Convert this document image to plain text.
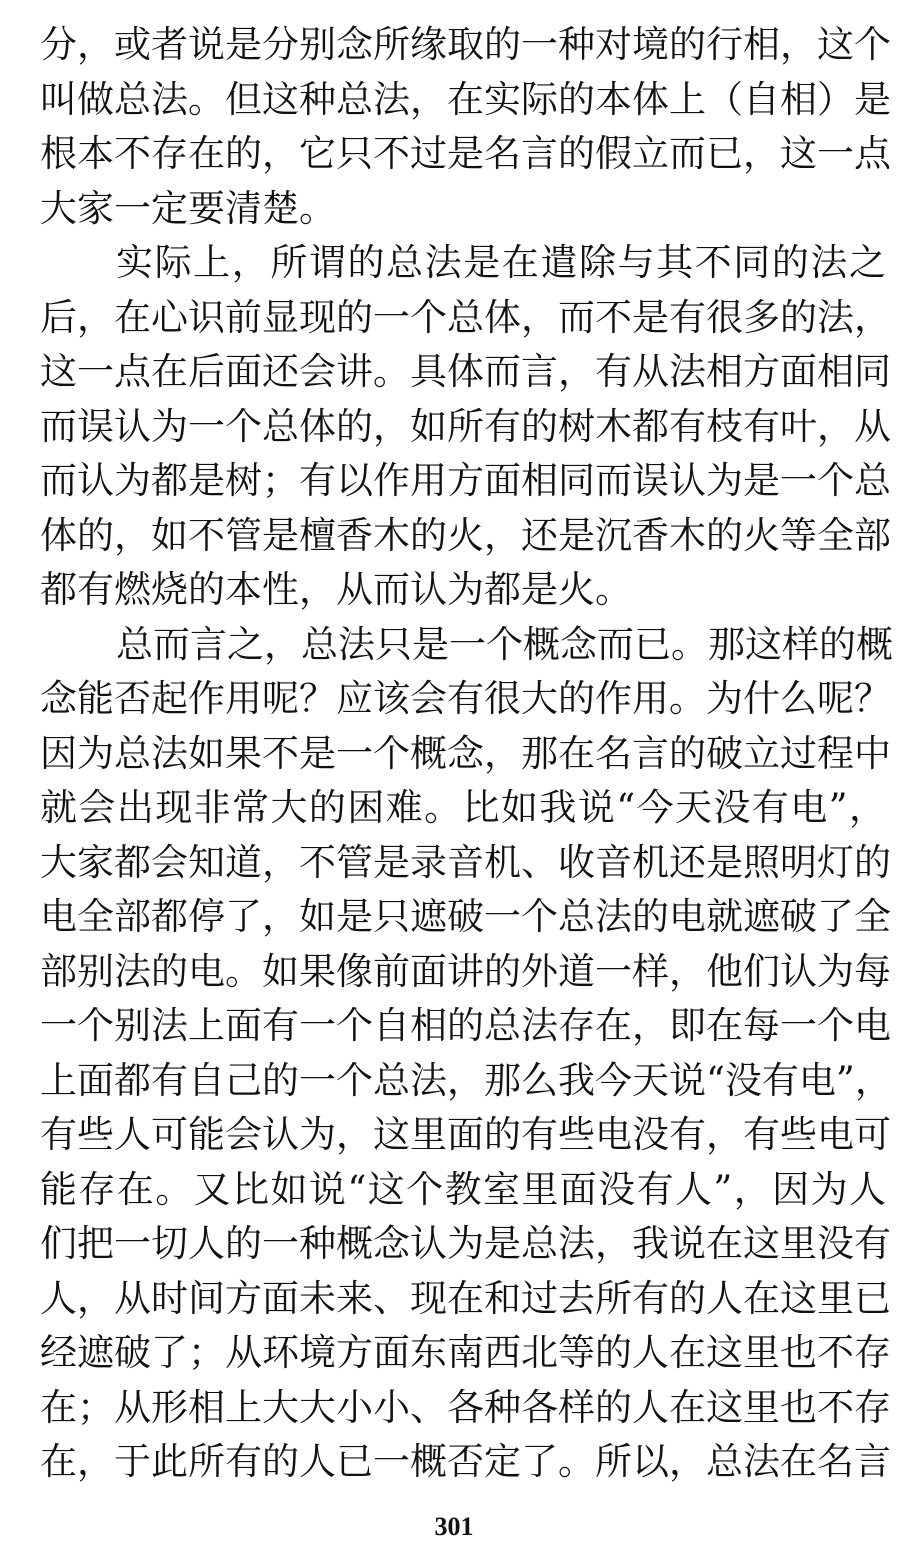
分，或者说是分别念所缘取的一种对境的行相，这个
叫做总法。但这种总法，在实际的本体上（自相）是
根本不存在的，它只不过是名言的假立而已，这一点
大家一定要清楚。
实际上，所谓的总法是在遣除与其不同的法之
后，在心识前显现的一个总体，而不是有很多的法，
这一点在后面还会讲。具体而言，有从法相方面相同
而误认为一个总体的，如所有的树木都有枝有叶，从
而认为都是树；有以作用方面相同而误认为是一个总
体的，如不管是檀香木的火，还是沉香木的火等全部
都有燃烧的本性，从而认为都是火。
总而言之，总法只是一个概念而已。那这样的概
念能否起作用呢？应该会有很大的作用。为什么呢？
因为总法如果不是一个概念，那在名言的破立过程中
就会出现非常大的困难。比如我说“今天没有电”，
大家都会知道，不管是录音机、收音机还是照明灯的
电全部都停了，如是只遮破一个总法的电就遮破了全
部别法的电。如果像前面讲的外道一样，他们认为每
一个别法上面有一个自相的总法存在，即在每一个电
上面都有自己的一个总法，那么我今天说“没有电”，
有些人可能会认为，这里面的有些电没有，有些电可
能存在。又比如说“这个教室里面没有人”，因为人
们把一切人的一种概念认为是总法，我说在这里没有
人，从时间方面未来、现在和过去所有的人在这里已
经遮破了；从环境方面东南西北等的人在这里也不存
在；从形相上大大小小、各种各样的人在这里也不存
在，于此所有的人已一概否定了。所以，总法在名言
301
